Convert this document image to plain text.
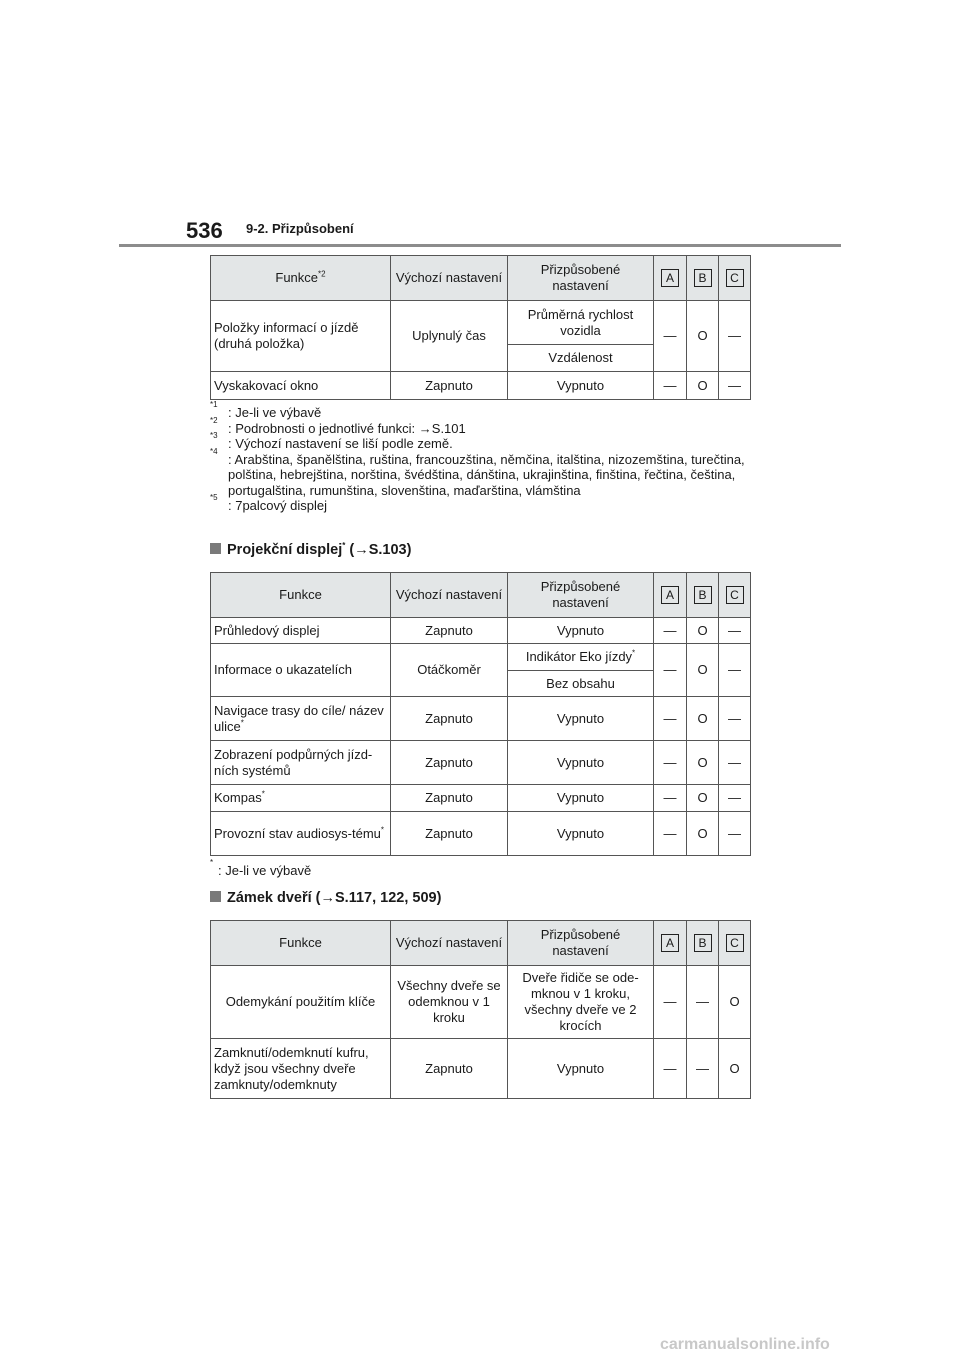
536 9-2. Přizpůsobení
Funkce$^{*2}$	Výchozí nastavení	Přizpůsobené nastavení	A	B	C
Položky informací o jízdě (druhá položka)	Uplynulý čas	Průměrná rychlost vozidla	—	O	—
		Vzdálenost			
Vyskakovací okno	Zapnuto	Vypnuto	—	O	—
*1
: Je-li ve výbavě
*2
: Podrobnosti o jednotlivé funkci: →S.101
*3
: Výchozí nastavení se liší podle země.
*4
: Arabština, španělština, ruština, francouzština, němčina, italština, nizozemština, turečtina, polština, hebrejština, norština, švédština, dánština, ukrajinština, finština, řečtina, čeština, portugalština, rumunština, slovenština, maďarština, vlámština
*5
: 7palcový displej
Projekční displej* (→S.103)
Funkce	Výchozí nastavení	Přizpůsobené nastavení	A	B	C
Průhledový displej	Zapnuto	Vypnuto	—	O	—
Informace o ukazatelích	Otáčkoměr	Indikátor Eko jízdy*	—	O	—
		Bez obsahu			
Navigace trasy do cíle/ název ulice*	Zapnuto	Vypnuto	—	O	—
Zobrazení podpůrných jízd-ních systémů	Zapnuto	Vypnuto	—	O	—
Kompas*	Zapnuto	Vypnuto	—	O	—
Provozní stav audiosys-tému*	Zapnuto	Vypnuto	—	O	—
*
: Je-li ve výbavě
Zámek dveří (→S.117, 122, 509)
Funkce	Výchozí nastavení	Přizpůsobené nastavení	A	B	C
Odemykání použitím klíče	Všechny dveře se odemknou v 1 kroku	Dveře řidiče se ode-mknou v 1 kroku, všechny dveře ve 2 krocích	—	—	O
Zamknutí/odemknutí kufru, když jsou všechny dveře zamknuty/odemknuty	Zapnuto	Vypnuto	—	—	O
carmanualsonline.info
